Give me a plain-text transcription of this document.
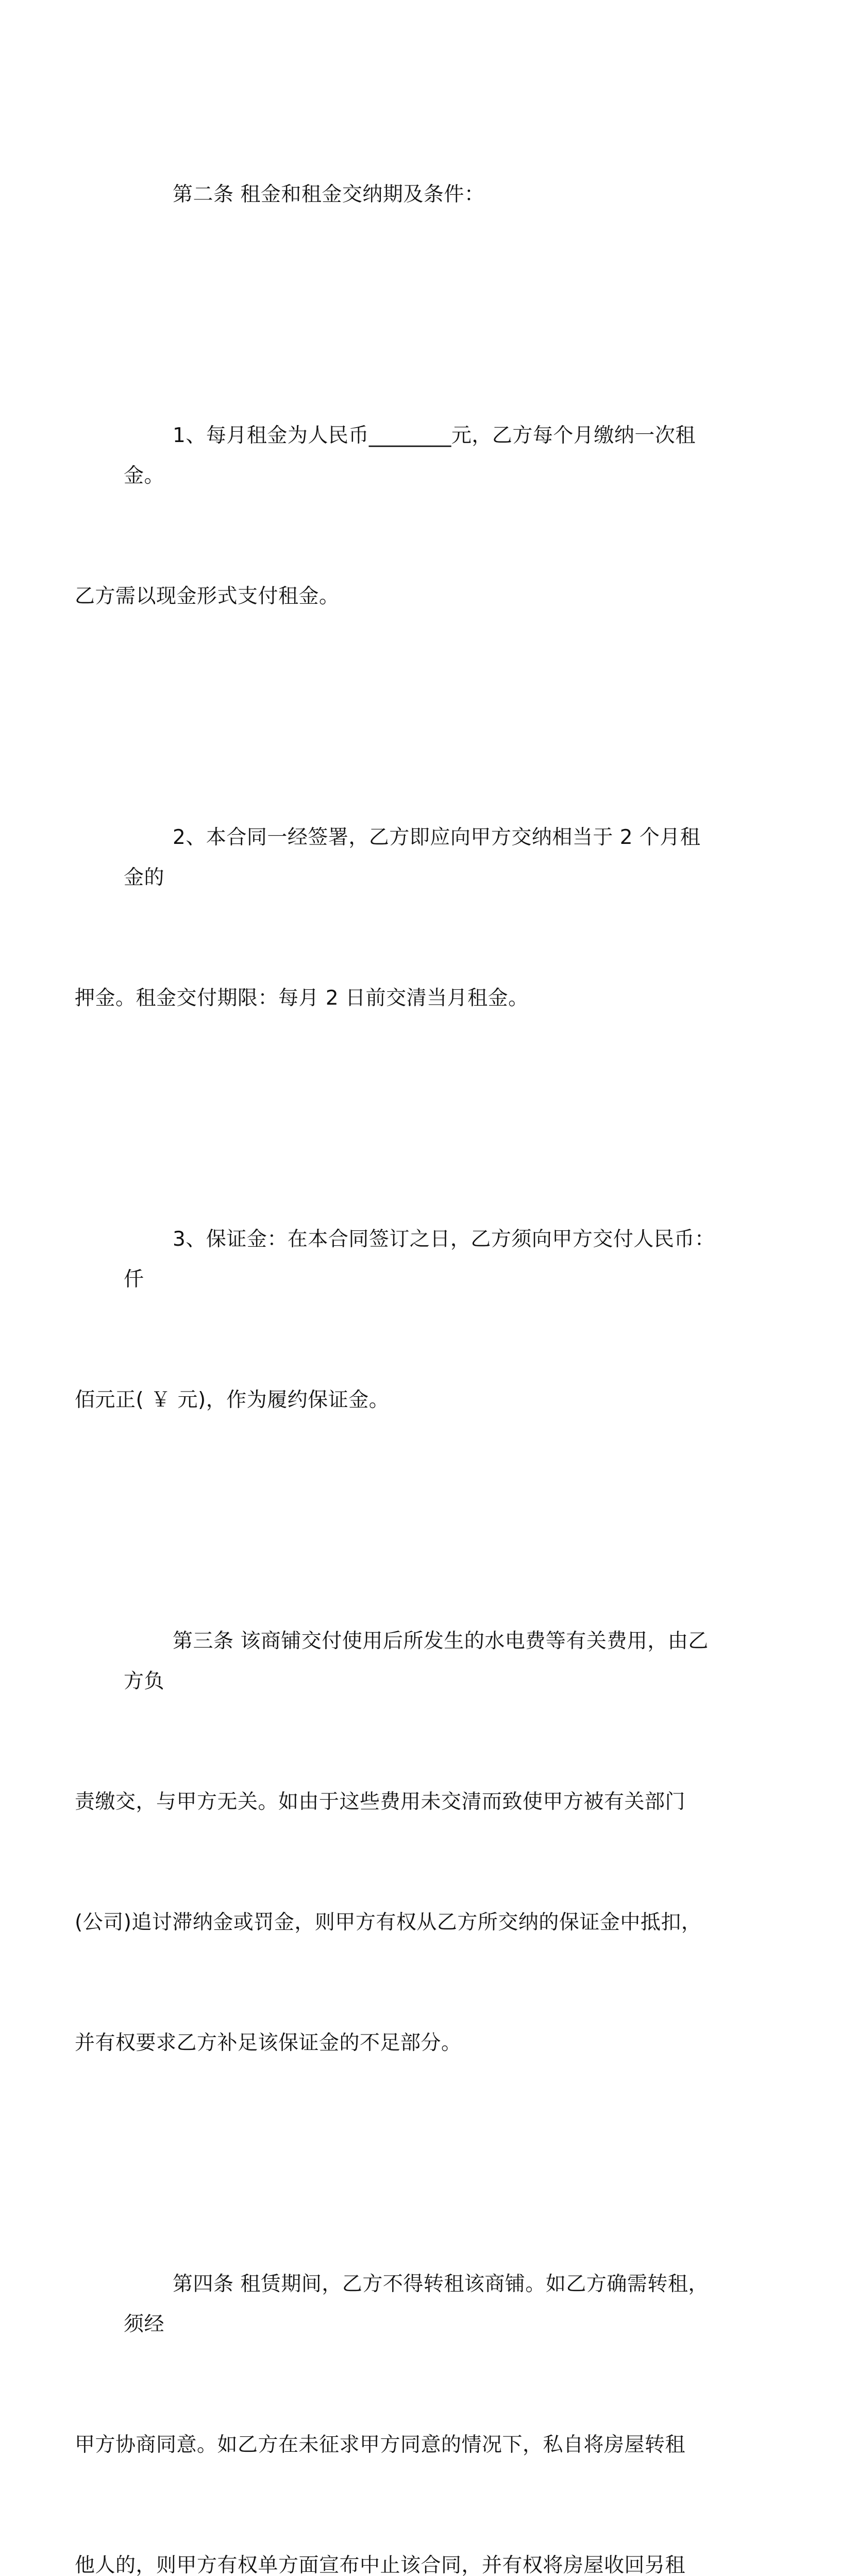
第二条 租金和租金交纳期及条件：

1、每月租金为人民币________元，乙方每个月缴纳一次租金。

乙方需以现金形式支付租金。

2、本合同一经签署，乙方即应向甲方交纳相当于 2 个月租金的

押金。租金交付期限：每月 2 日前交清当月租金。

3、保证金：在本合同签订之日，乙方须向甲方交付人民币： 仟

佰元正( ￥ 元)，作为履约保证金。

第三条 该商铺交付使用后所发生的水电费等有关费用，由乙方负

责缴交，与甲方无关。如由于这些费用未交清而致使甲方被有关部门

(公司)追讨滞纳金或罚金，则甲方有权从乙方所交纳的保证金中抵扣，

并有权要求乙方补足该保证金的不足部分。

第四条 租赁期间，乙方不得转租该商铺。如乙方确需转租，须经

甲方协商同意。如乙方在未征求甲方同意的情况下，私自将房屋转租

他人的，则甲方有权单方面宣布中止该合同，并有权将房屋收回另租
